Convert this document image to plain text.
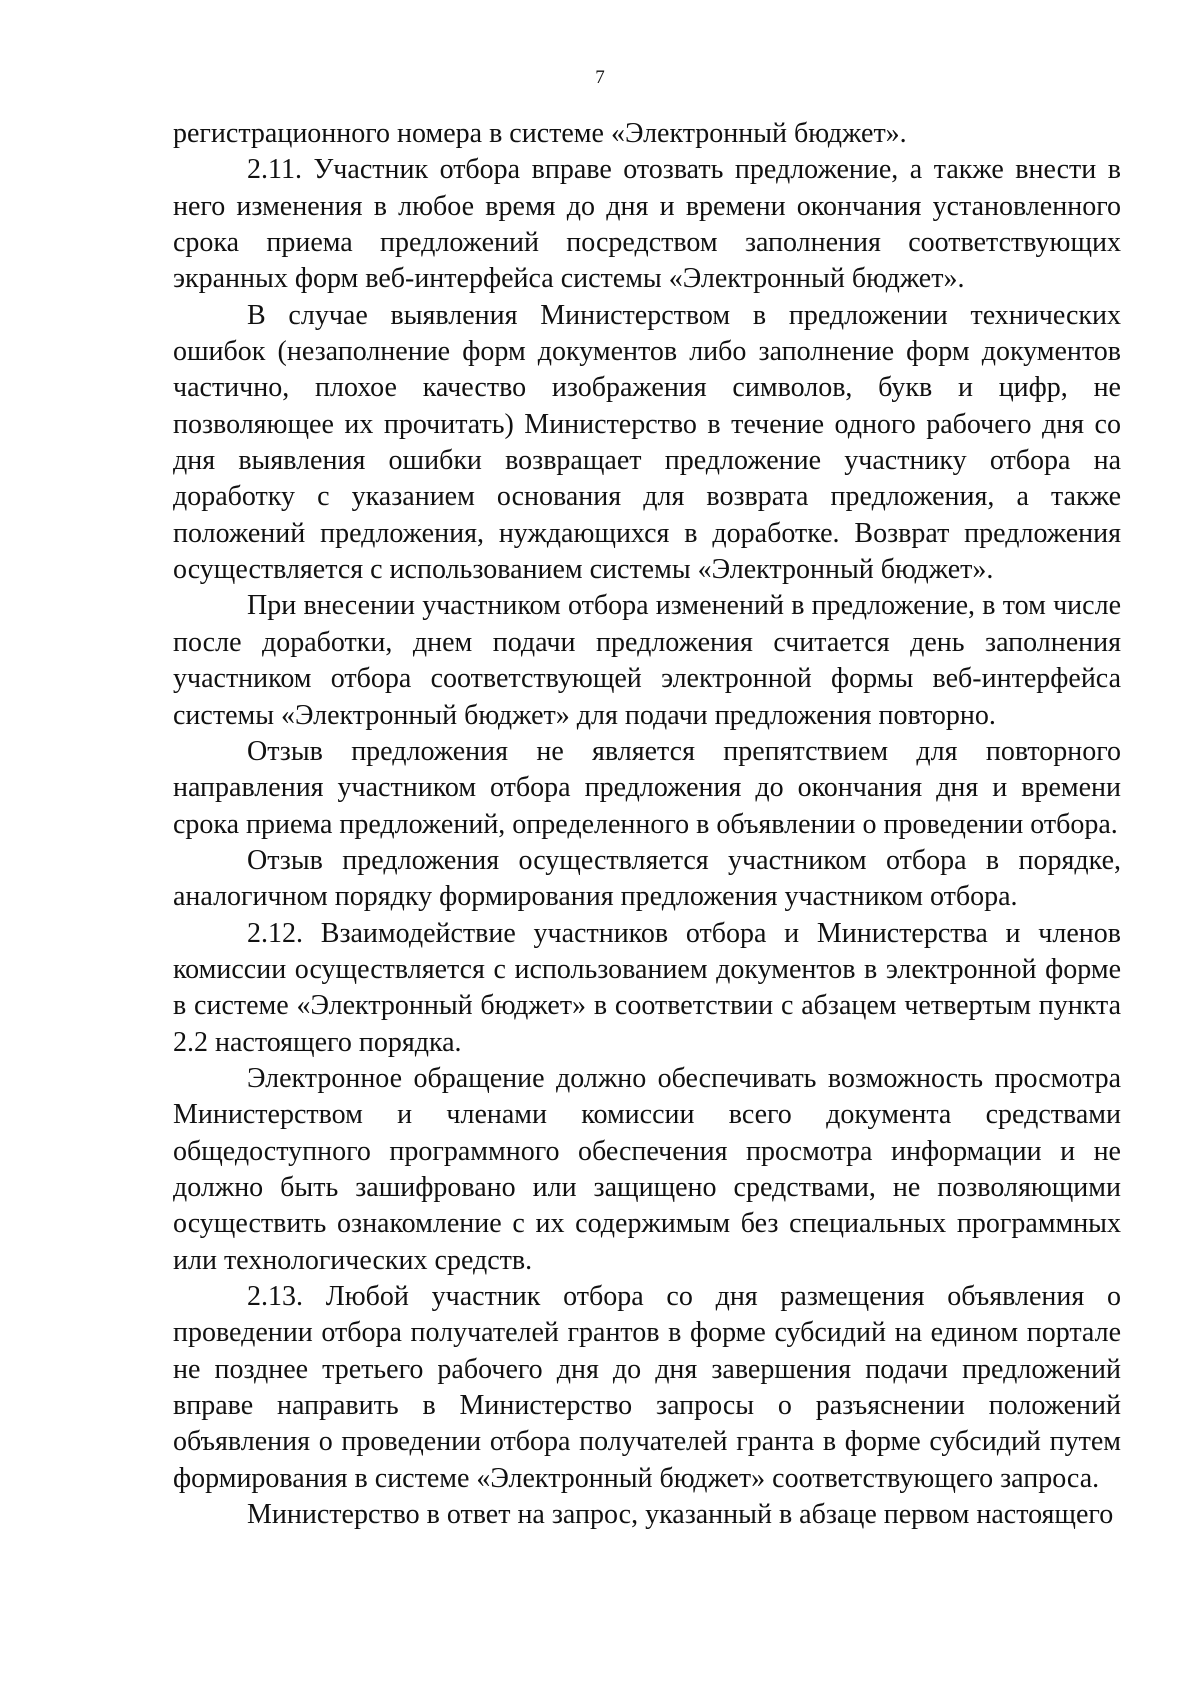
7

регистрационного номера в системе «Электронный бюджет».

2.11. Участник отбора вправе отозвать предложение, а также внести в него изменения в любое время до дня и времени окончания установленного срока приема предложений посредством заполнения соответствующих экранных форм веб-интерфейса системы «Электронный бюджет».

В случае выявления Министерством в предложении технических ошибок (незаполнение форм документов либо заполнение форм документов частично, плохое качество изображения символов, букв и цифр, не позволяющее их прочитать) Министерство в течение одного рабочего дня со дня выявления ошибки возвращает предложение участнику отбора на доработку с указанием основания для возврата предложения, а также положений предложения, нуждающихся в доработке. Возврат предложения осуществляется с использованием системы «Электронный бюджет».

При внесении участником отбора изменений в предложение, в том числе после доработки, днем подачи предложения считается день заполнения участником отбора соответствующей электронной формы веб-интерфейса системы «Электронный бюджет» для подачи предложения повторно.

Отзыв предложения не является препятствием для повторного направления участником отбора предложения до окончания дня и времени срока приема предложений, определенного в объявлении о проведении отбора.

Отзыв предложения осуществляется участником отбора в порядке, аналогичном порядку формирования предложения участником отбора.

2.12. Взаимодействие участников отбора и Министерства и членов комиссии осуществляется с использованием документов в электронной форме в системе «Электронный бюджет» в соответствии с абзацем четвертым пункта 2.2 настоящего порядка.

Электронное обращение должно обеспечивать возможность просмотра Министерством и членами комиссии всего документа средствами общедоступного программного обеспечения просмотра информации и не должно быть зашифровано или защищено средствами, не позволяющими осуществить ознакомление с их содержимым без специальных программных или технологических средств.

2.13. Любой участник отбора со дня размещения объявления о проведении отбора получателей грантов в форме субсидий на едином портале не позднее третьего рабочего дня до дня завершения подачи предложений вправе направить в Министерство запросы о разъяснении положений объявления о проведении отбора получателей гранта в форме субсидий путем формирования в системе «Электронный бюджет» соответствующего запроса.

Министерство в ответ на запрос, указанный в абзаце первом настоящего
